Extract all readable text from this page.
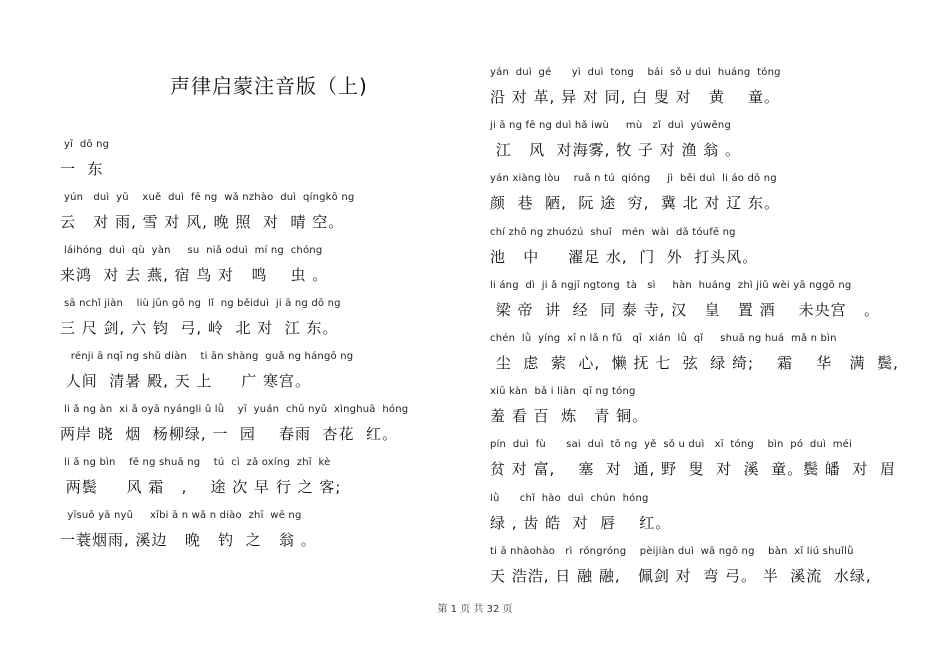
声律启蒙注音版（上)
yī  dō ng
一  东
yún   duì  yǔ    xuě  duì  fē ng  wǎ nzhào  duì  qíngkō ng
云   对 雨, 雪 对 风, 晚 照  对  晴 空。
láihóng  duì  qù  yàn     su  niǎ oduì  mí ng  chóng
来鸿  对 去 燕, 宿 鸟 对   鸣    虫 。
sā nchǐ jiàn    liù jūn gō ng  lǐ  ng běiduì  ji ā ng dō ng
三 尺 剑, 六 钧  弓, 岭  北 对  江 东。
rénji ā nqī ng shǔ diàn    ti ān shàng  guǎ ng hángō ng
人间  清暑 殿, 天 上     广 寒宫。
li ǎ ng àn  xi ǎ oyā nyángli ǔ lǜ    yī  yuán  chū nyǔ  xìnghuā  hóng
两岸 晓  烟  杨柳绿, 一  园    春雨  杏花  红。
li ǎ ng bìn    fē ng shuā ng    tú  cì  zǎ oxíng  zhī  kè
两鬓     风 霜   ,    途 次 早 行 之 客;
yīsuō yā nyǔ     xībi ā n wǎ n diào  zhī  wē ng
一蓑烟雨, 溪边   晚   钓  之   翁 。
yán  duì  gé      yì  duì  tong    bái  sǒ u duì  huáng  tóng
沿 对 革, 异 对 同, 白 叟 对   黄    童。
ji ā ng fē ng duì hǎ iwù     mù   zǐ  duì  yúwēng
江   风  对海雾, 牧 子 对 渔 翁 。
yán xiàng lòu    ruǎ n tú  qióng     jì  běi duì  li áo dō ng
颜  巷  陋,  阮 途  穷,  冀 北 对 辽 东。
chí zhō ng zhuózú  shuǐ   mén  wài  dǎ tóufē ng
池   中     濯足 水,  门  外  打头风。
li áng  dì  ji ǎ ngjī ngtong  tà   sì     hàn  huáng  zhì jiǔ wèi yā nggō ng
梁 帝  讲  经  同 泰 寺, 汉   皇   置 酒    未央宫   。
chén  lǜ  yíng  xī n lǎ n fǔ   qī  xián  lǜ  qǐ     shuā ng huá  mǎ n bìn
尘  虑  萦  心,  懒 抚 七  弦  绿 绮;    霜    华   满  鬓,
xiū kàn  bǎ i liàn  qī ng tóng
羞 看 百  炼   青 铜。
pín  duì  fù      sai  duì  tō ng  yě  sǒ u duì   xī  tóng    bìn  pó  duì  méi
贫 对 富,    塞  对  通, 野  叟  对  溪  童。鬓 皤  对  眉
lǜ      chǐ  hào  duì  chún  hóng
绿 , 齿 皓  对  唇    红。
ti ā nhàohào   rì  róngróng    pèijiàn duì  wā ngō ng    bàn  xī liú shuǐlǜ
天 浩浩, 日 融 融,   佩剑 对  弯 弓。 半  溪流  水绿,
第 1 页 共 32 页
